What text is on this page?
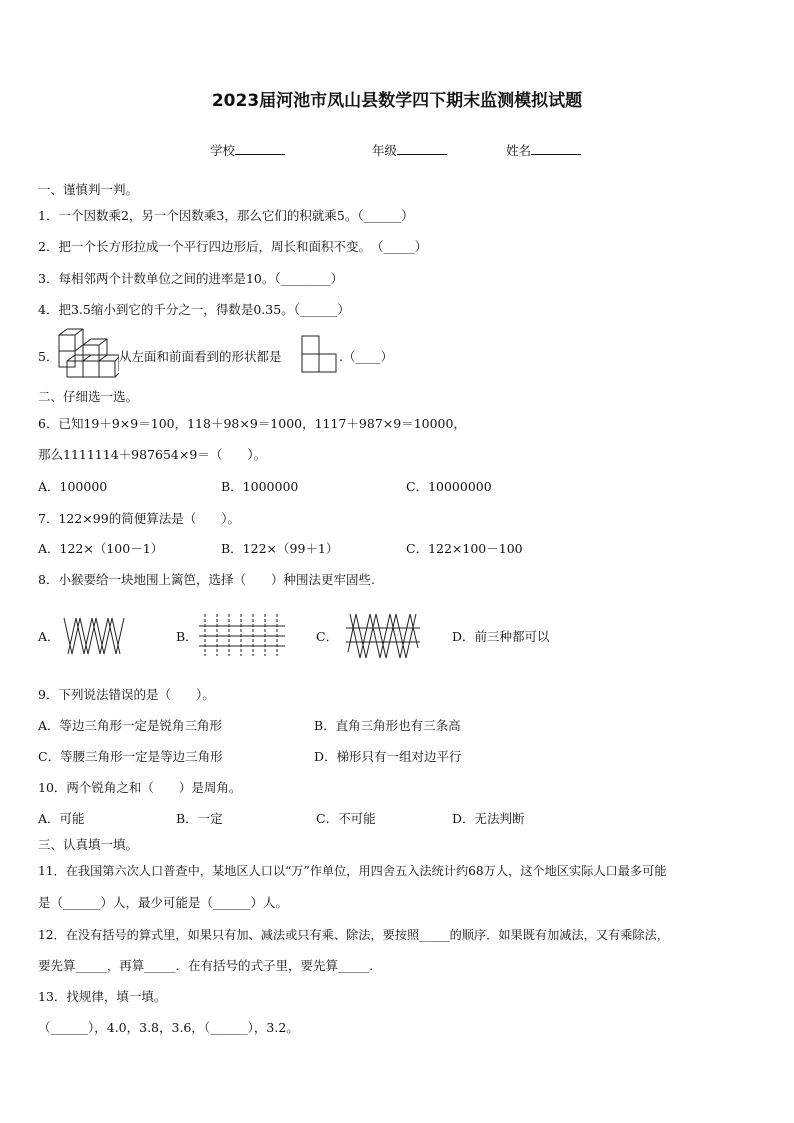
2023届河池市凤山县数学四下期末监测模拟试题
学校	年级	姓名
一、谨慎判一判。
1．一个因数乘2，另一个因数乘3，那么它们的积就乘5。（______）
2．把一个长方形拉成一个平行四边形后，周长和面积不变。　（_____）
3．每相邻两个计数单位之间的进率是10。（________）
4．把3.5缩小到它的千分之一，得数是0.35。（______）
5．	从左面和前面看到的形状都是	.（____）
二、仔细选一选。
6．已知19＋9×9＝100，118＋98×9＝1000，1117＋987×9＝10000，
那么1111114＋987654×9＝（　　）。
A．100000	B．1000000	C．10000000
7．122×99的简便算法是（　　）。
A．122×（100－1）	B．122×（99＋1）	C．122×100－100
8．小猴要给一块地围上篱笆，选择（　　）种围法更牢固些.
A．	B．	C．	D．前三种都可以
9．下列说法错误的是（　　）。
A．等边三角形一定是锐角三角形	B．直角三角形也有三条高
C．等腰三角形一定是等边三角形	D．梯形只有一组对边平行
10．两个锐角之和（　　）是周角。
A．可能	B．一定	C．不可能	D．无法判断
三、认真填一填。
11．在我国第六次人口普查中，某地区人口以“万”作单位，用四舍五入法统计约68万人，这个地区实际人口最多可能
是（______）人，最少可能是（______）人。
12．在没有括号的算式里，如果只有加、减法或只有乘、除法，要按照_____的顺序．如果既有加减法，又有乘除法，
要先算_____，再算_____．在有括号的式子里，要先算_____.
13．找规律，填一填。
（______），4.0，3.8，3.6，（______），3.2。
